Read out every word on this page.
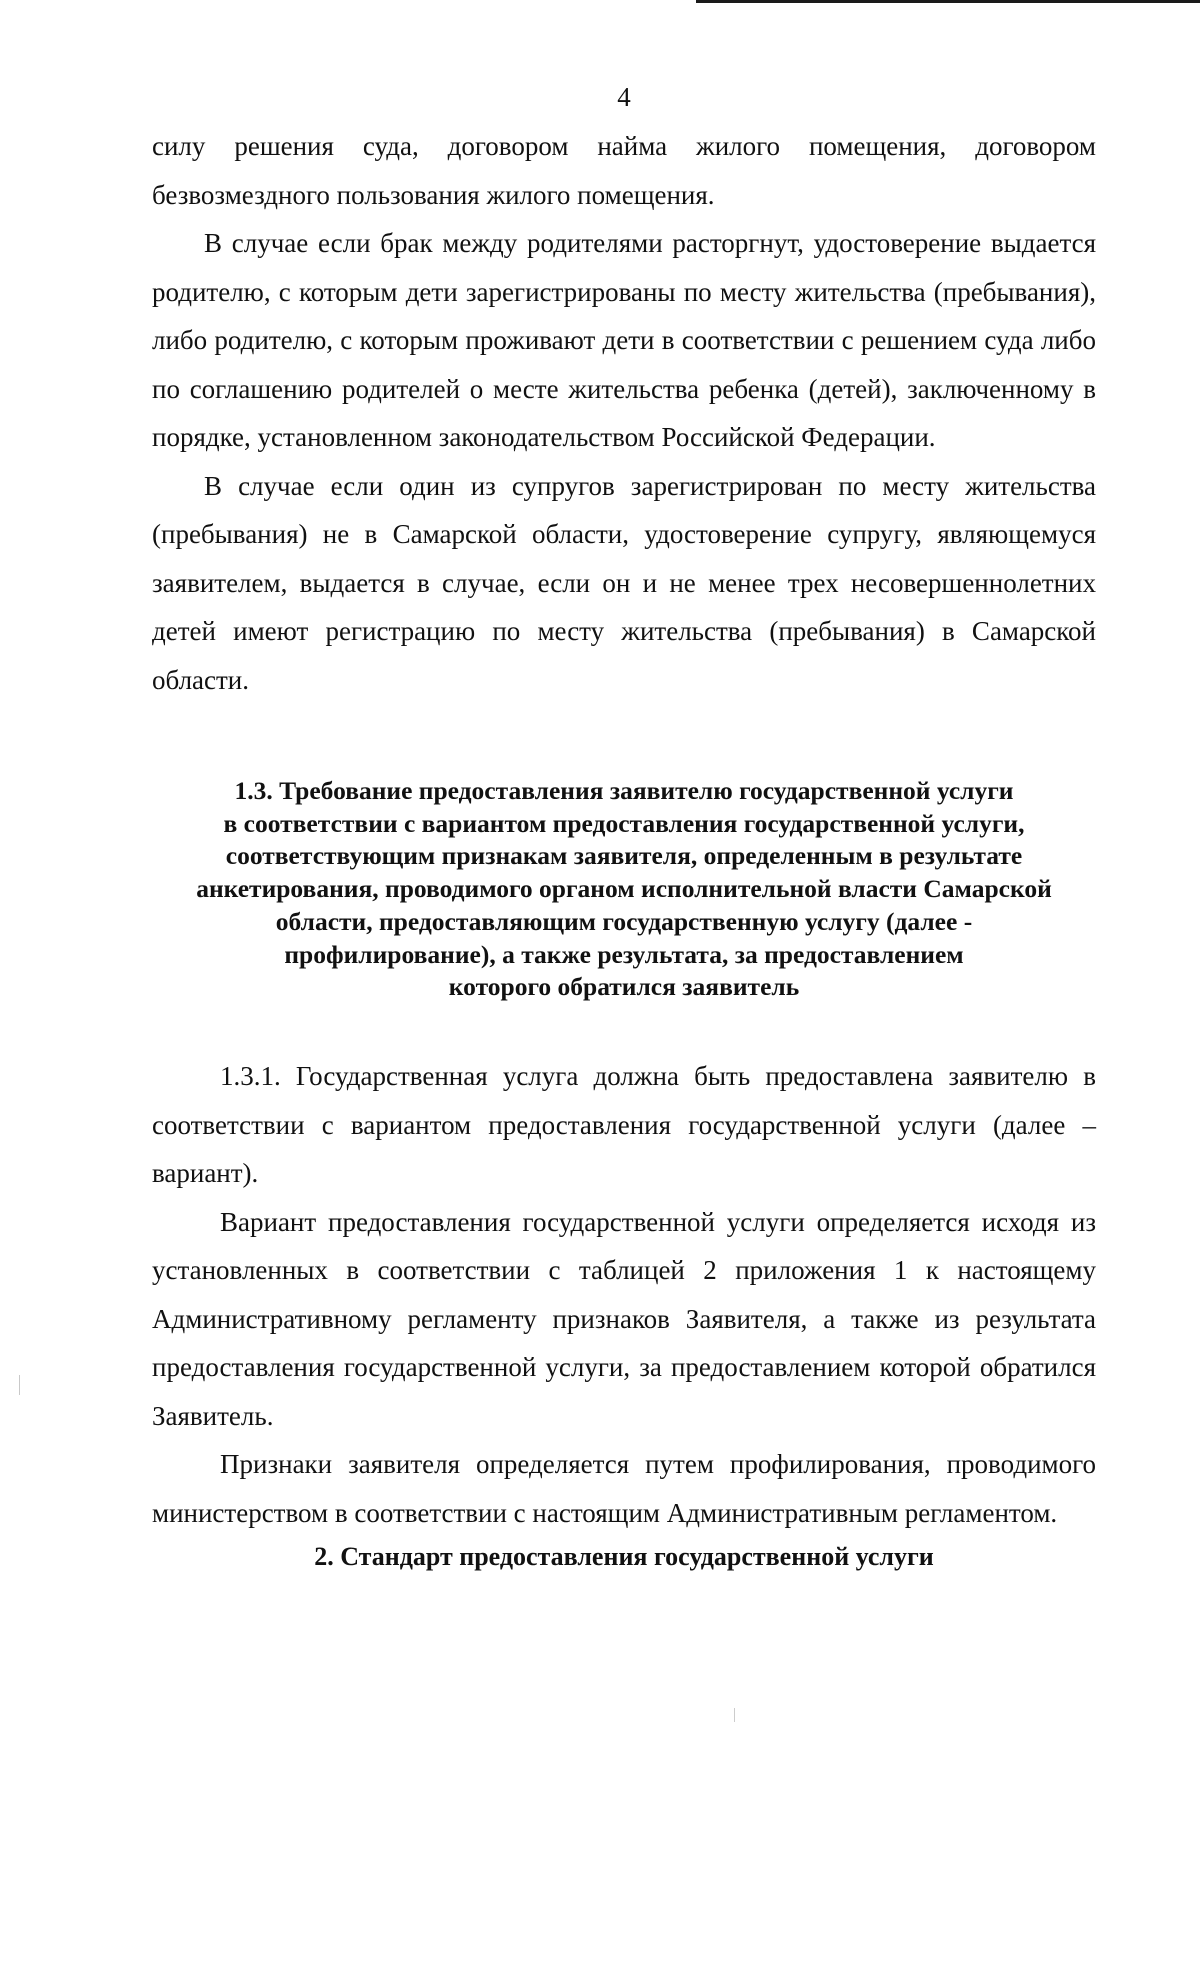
4

силу решения суда, договором найма жилого помещения, договором безвозмездного пользования жилого помещения.

В случае если брак между родителями расторгнут, удостоверение выдается родителю, с которым дети зарегистрированы по месту жительства (пребывания), либо родителю, с которым проживают дети в соответствии с решением суда либо по соглашению родителей о месте жительства ребенка (детей), заключенному в порядке, установленном законодательством Российской Федерации.

В случае если один из супругов зарегистрирован по месту жительства (пребывания) не в Самарской области, удостоверение супругу, являющемуся заявителем, выдается в случае, если он и не менее трех несовершеннолетних детей имеют регистрацию по месту жительства (пребывания) в Самарской области.

1.3. Требование предоставления заявителю государственной услуги
в соответствии с вариантом предоставления государственной услуги,
соответствующим признакам заявителя, определенным в результате
анкетирования, проводимого органом исполнительной власти Самарской
области, предоставляющим государственную услугу (далее -
профилирование), а также результата, за предоставлением
которого обратился заявитель

1.3.1. Государственная услуга должна быть предоставлена заявителю в соответствии с вариантом предоставления государственной услуги (далее – вариант).

Вариант предоставления государственной услуги определяется исходя из установленных в соответствии с таблицей 2 приложения 1 к настоящему Административному регламенту признаков Заявителя, а также из результата предоставления государственной услуги, за предоставлением которой обратился Заявитель.

Признаки заявителя определяется путем профилирования, проводимого министерством в соответствии с настоящим Административным регламентом.

2. Стандарт предоставления государственной услуги
